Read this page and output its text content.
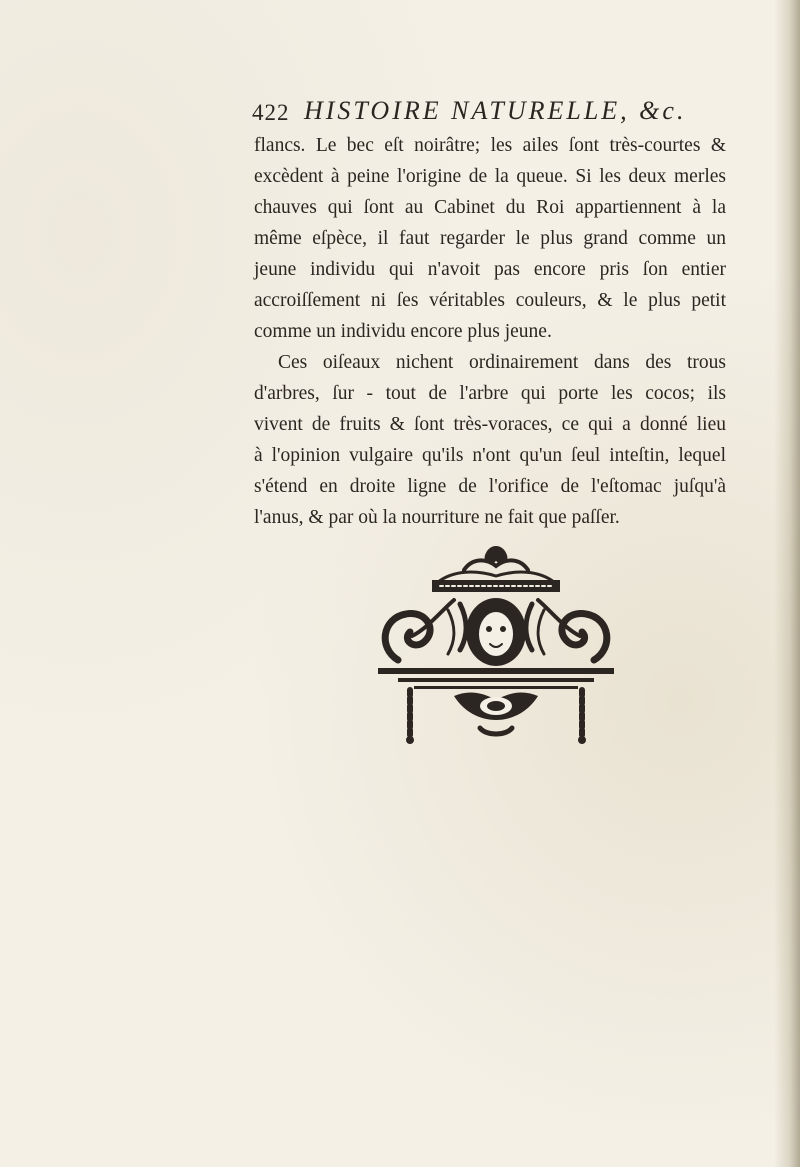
422 HISTOIRE NATURELLE, &c.
flancs. Le bec eſt noirâtre; les ailes ſont très-courtes &
excèdent à peine l'origine de la queue. Si les deux merles
chauves qui ſont au Cabinet du Roi appartiennent à la
même eſpèce, il faut regarder le plus grand comme un
jeune individu qui n'avoit pas encore pris ſon entier
accroiſſement ni ſes véritables couleurs, & le plus petit
comme un individu encore plus jeune.
Ces oiſeaux nichent ordinairement dans des trous
d'arbres, ſur - tout de l'arbre qui porte les cocos; ils
vivent de fruits & ſont très-voraces, ce qui a donné lieu
à l'opinion vulgaire qu'ils n'ont qu'un ſeul inteſtin, lequel
s'étend en droite ligne de l'orifice de l'eſtomac juſqu'à
l'anus, & par où la nourriture ne fait que paſſer.
